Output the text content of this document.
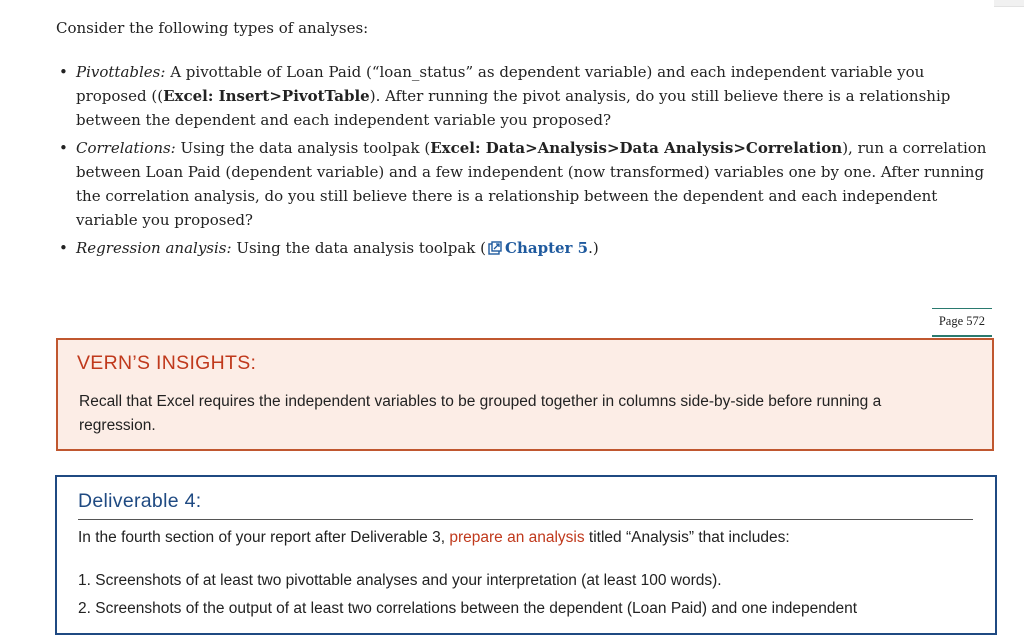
Consider the following types of analyses:
• Pivottables: A pivottable of Loan Paid (“loan_status” as dependent variable) and each independent variable you proposed ((Excel: Insert>PivotTable). After running the pivot analysis, do you still believe there is a relationship between the dependent and each independent variable you proposed?
• Correlations: Using the data analysis toolpak (Excel: Data>Analysis>Data Analysis>Correlation), run a correlation between Loan Paid (dependent variable) and a few independent (now transformed) variables one by one. After running the correlation analysis, do you still believe there is a relationship between the dependent and each independent variable you proposed?
• Regression analysis: Using the data analysis toolpak ( Chapter 5.)
Page 572
VERN’S INSIGHTS:
Recall that Excel requires the independent variables to be grouped together in columns side-by-side before running a regression.
Deliverable 4:
In the fourth section of your report after Deliverable 3, prepare an analysis titled “Analysis” that includes:
1. Screenshots of at least two pivottable analyses and your interpretation (at least 100 words).
2. Screenshots of the output of at least two correlations between the dependent (Loan Paid) and one independent
